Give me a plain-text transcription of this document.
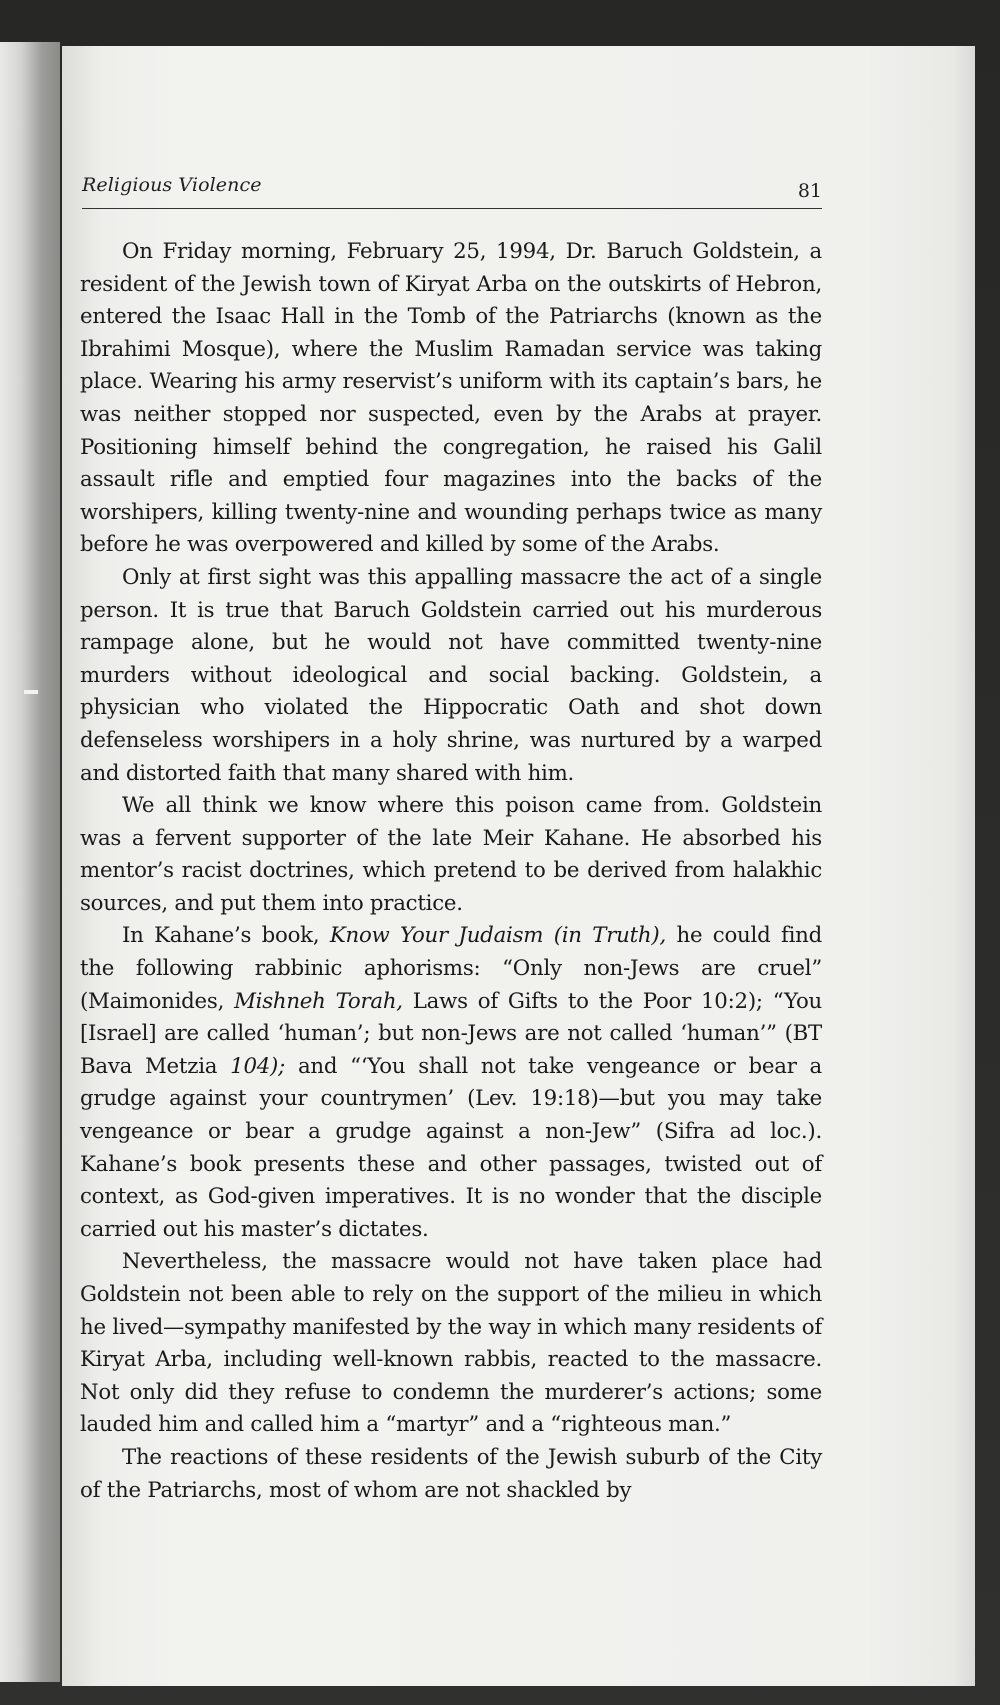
Religious Violence	81

On Friday morning, February 25, 1994, Dr. Baruch Goldstein, a resident of the Jewish town of Kiryat Arba on the outskirts of Hebron, entered the Isaac Hall in the Tomb of the Patriarchs (known as the Ibrahimi Mosque), where the Muslim Ramadan service was taking place. Wearing his army reservist’s uniform with its captain’s bars, he was neither stopped nor suspected, even by the Arabs at prayer. Positioning himself behind the congregation, he raised his Galil assault rifle and emptied four magazines into the backs of the worshipers, killing twenty-nine and wounding perhaps twice as many before he was overpowered and killed by some of the Arabs.

Only at first sight was this appalling massacre the act of a single person. It is true that Baruch Goldstein carried out his murderous rampage alone, but he would not have committed twenty-nine murders without ideological and social backing. Goldstein, a physician who violated the Hippocratic Oath and shot down defenseless worshipers in a holy shrine, was nurtured by a warped and distorted faith that many shared with him.

We all think we know where this poison came from. Goldstein was a fervent supporter of the late Meir Kahane. He absorbed his mentor’s racist doctrines, which pretend to be derived from halakhic sources, and put them into practice.

In Kahane’s book, Know Your Judaism (in Truth), he could find the following rabbinic aphorisms: “Only non-Jews are cruel” (Maimonides, Mishneh Torah, Laws of Gifts to the Poor 10:2); “You [Israel] are called ‘human’; but non-Jews are not called ‘human’” (BT Bava Metzia 104); and “‘You shall not take vengeance or bear a grudge against your countrymen’ (Lev. 19:18)—but you may take vengeance or bear a grudge against a non-Jew” (Sifra ad loc.). Kahane’s book presents these and other passages, twisted out of context, as God-given imperatives. It is no wonder that the disciple carried out his master’s dictates.

Nevertheless, the massacre would not have taken place had Goldstein not been able to rely on the support of the milieu in which he lived—sympathy manifested by the way in which many residents of Kiryat Arba, including well-known rabbis, reacted to the massacre. Not only did they refuse to condemn the murderer’s actions; some lauded him and called him a “martyr” and a “righteous man.”

The reactions of these residents of the Jewish suburb of the City of the Patriarchs, most of whom are not shackled by
